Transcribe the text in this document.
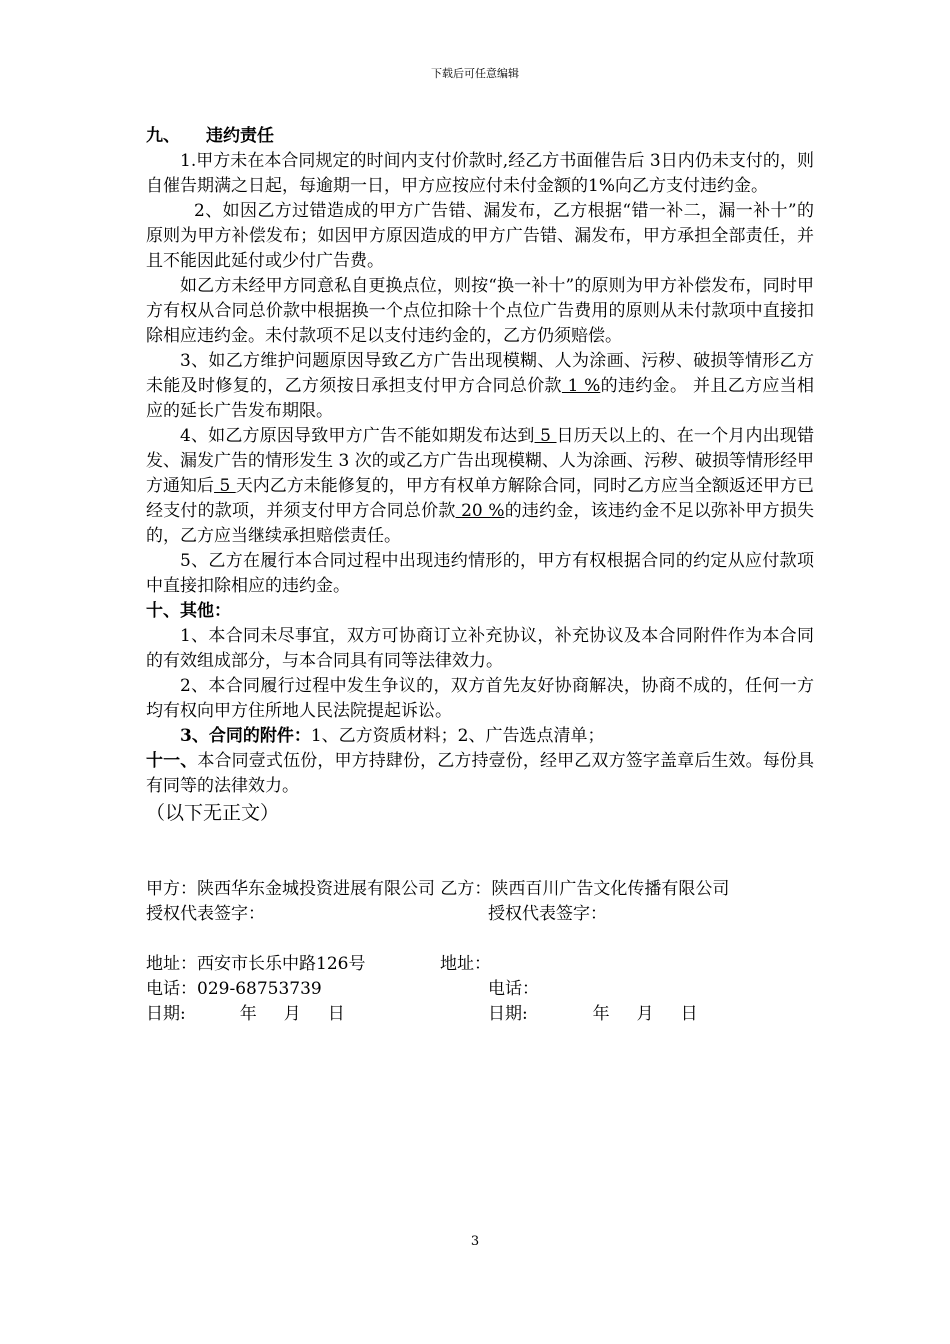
下载后可任意编辑

九、 违约责任

1.甲方未在本合同规定的时间内支付价款时,经乙方书面催告后 3日内仍未支付的，则自催告期满之日起，每逾期一日，甲方应按应付未付金额的1%向乙方支付违约金。

2、如因乙方过错造成的甲方广告错、漏发布，乙方根据“错一补二，漏一补十”的原则为甲方补偿发布；如因甲方原因造成的甲方广告错、漏发布，甲方承担全部责任，并且不能因此延付或少付广告费。

如乙方未经甲方同意私自更换点位，则按“换一补十”的原则为甲方补偿发布，同时甲方有权从合同总价款中根据换一个点位扣除十个点位广告费用的原则从未付款项中直接扣除相应违约金。未付款项不足以支付违约金的，乙方仍须赔偿。

3、如乙方维护问题原因导致乙方广告出现模糊、人为涂画、污秽、破损等情形乙方未能及时修复的，乙方须按日承担支付甲方合同总价款 1 %的违约金。 并且乙方应当相应的延长广告发布期限。

4、如乙方原因导致甲方广告不能如期发布达到 5 日历天以上的、在一个月内出现错发、漏发广告的情形发生 3 次的或乙方广告出现模糊、人为涂画、污秽、破损等情形经甲方通知后 5 天内乙方未能修复的，甲方有权单方解除合同，同时乙方应当全额返还甲方已经支付的款项，并须支付甲方合同总价款 20 %的违约金，该违约金不足以弥补甲方损失的，乙方应当继续承担赔偿责任。

5、乙方在履行本合同过程中出现违约情形的，甲方有权根据合同的约定从应付款项中直接扣除相应的违约金。

十、其他：

1、本合同未尽事宜，双方可协商订立补充协议，补充协议及本合同附件作为本合同的有效组成部分，与本合同具有同等法律效力。

2、本合同履行过程中发生争议的，双方首先友好协商解决，协商不成的，任何一方均有权向甲方住所地人民法院提起诉讼。

3、合同的附件：1、乙方资质材料；2、广告选点清单；

十一、本合同壹式伍份，甲方持肆份，乙方持壹份，经甲乙双方签字盖章后生效。每份具有同等的法律效力。

（以下无正文）

甲方：陕西华东金城投资进展有限公司 乙方：陕西百川广告文化传播有限公司

授权代表签字：	授权代表签字：
地址：西安市长乐中路126号	地址：
电话：029-68753739	电话：
日期:          年     月     日	日期:            年     月     日
3
